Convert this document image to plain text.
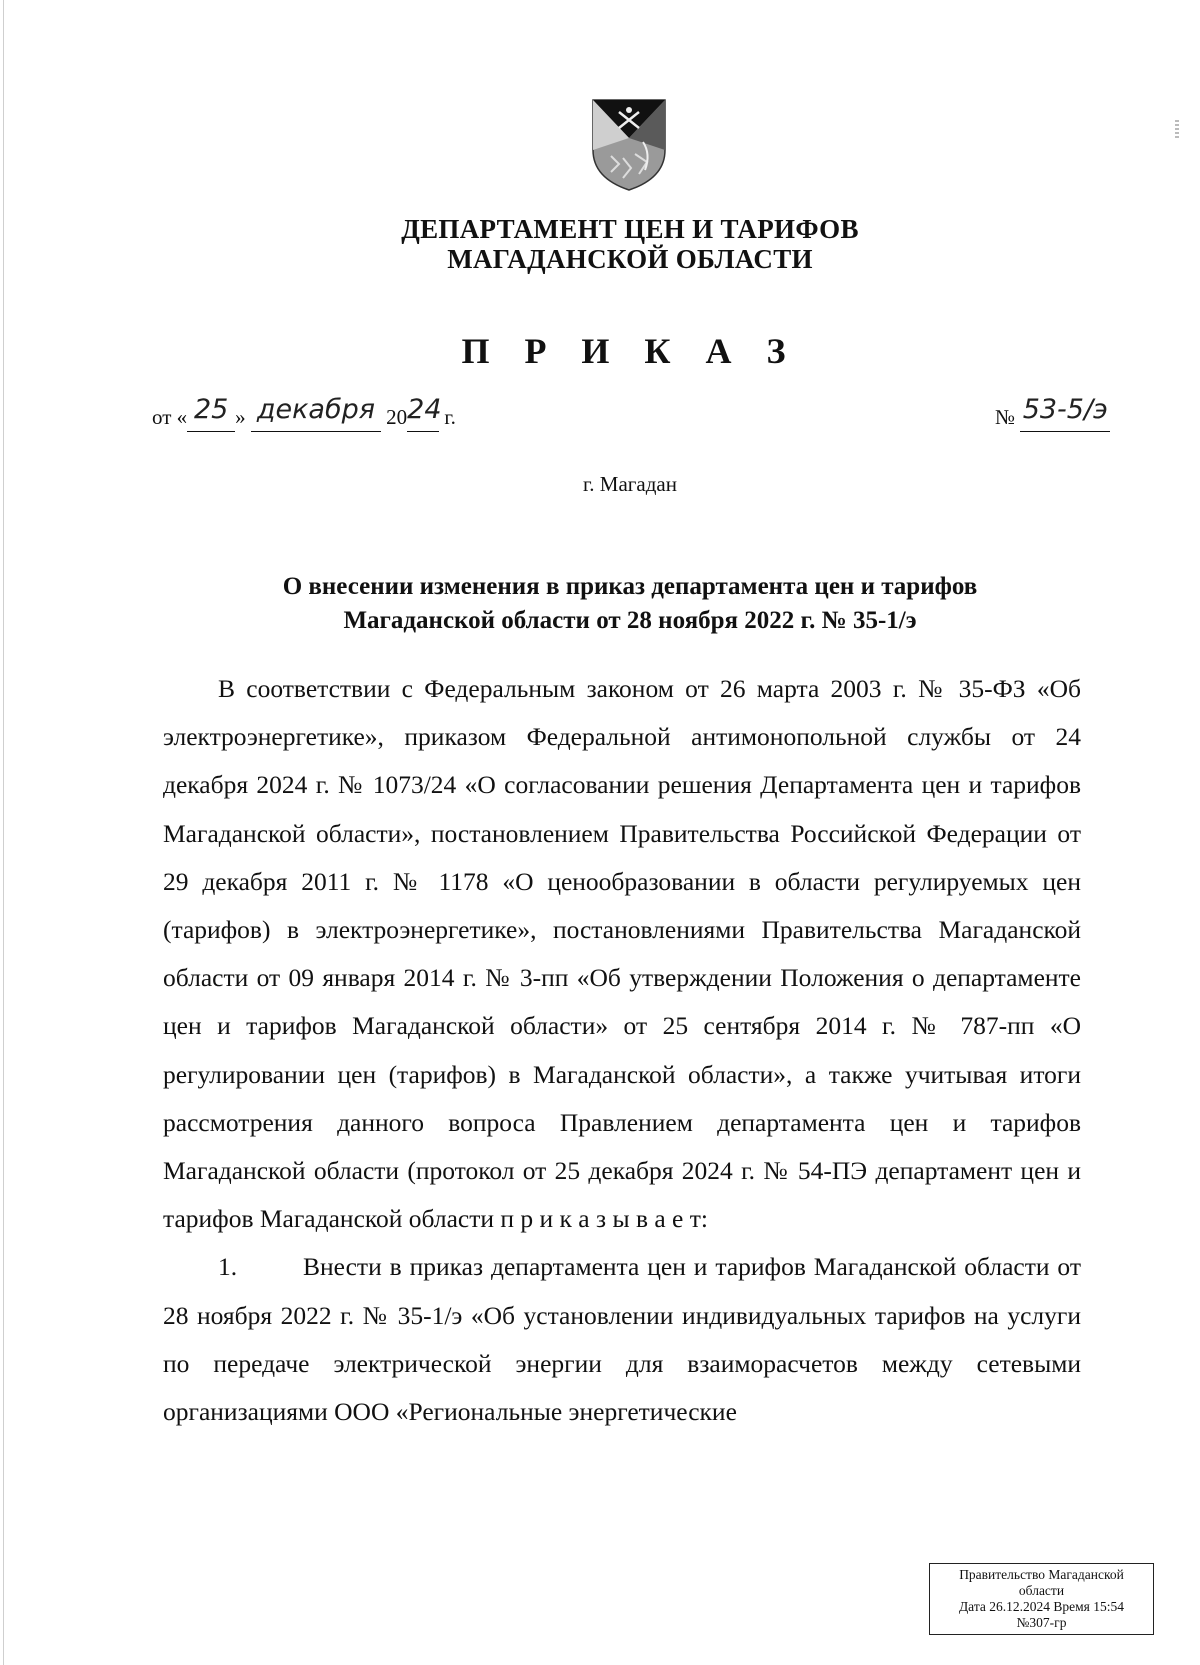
ДЕПАРТАМЕНТ ЦЕН И ТАРИФОВ
МАГАДАНСКОЙ ОБЛАСТИ
П Р И К А З
от « 25 » декабря 2024 г.	№ 53-5/э
г. Магадан
О внесении изменения в приказ департамента цен и тарифов
Магаданской области от 28 ноября 2022 г. № 35-1/э

В соответствии с Федеральным законом от 26 марта 2003 г. № 35-ФЗ «Об электроэнергетике», приказом Федеральной антимонопольной службы от 24 декабря 2024 г. № 1073/24 «О согласовании решения Департамента цен и тарифов Магаданской области», постановлением Правительства Российской Федерации от 29 декабря 2011 г. № 1178 «О ценообразовании в области регулируемых цен (тарифов) в электроэнергетике», постановлениями Правительства Магаданской области от 09 января 2014 г. № 3-пп «Об утверждении Положения о департаменте цен и тарифов Магаданской области» от 25 сентября 2014 г. № 787-пп «О регулировании цен (тарифов) в Магаданской области», а также учитывая итоги рассмотрения данного вопроса Правлением департамента цен и тарифов Магаданской области (протокол от 25 декабря 2024 г. № 54-ПЭ департамент цен и тарифов Магаданской области п р и к а з ы в а е т:

1.	Внести в приказ департамента цен и тарифов Магаданской области от 28 ноября 2022 г. № 35-1/э «Об установлении индивидуальных тарифов на услуги по передаче электрической энергии для взаиморасчетов между сетевыми организациями ООО «Региональные энергетические

Правительство Магаданской
области
Дата 26.12.2024 Время 15:54
№307-гр
